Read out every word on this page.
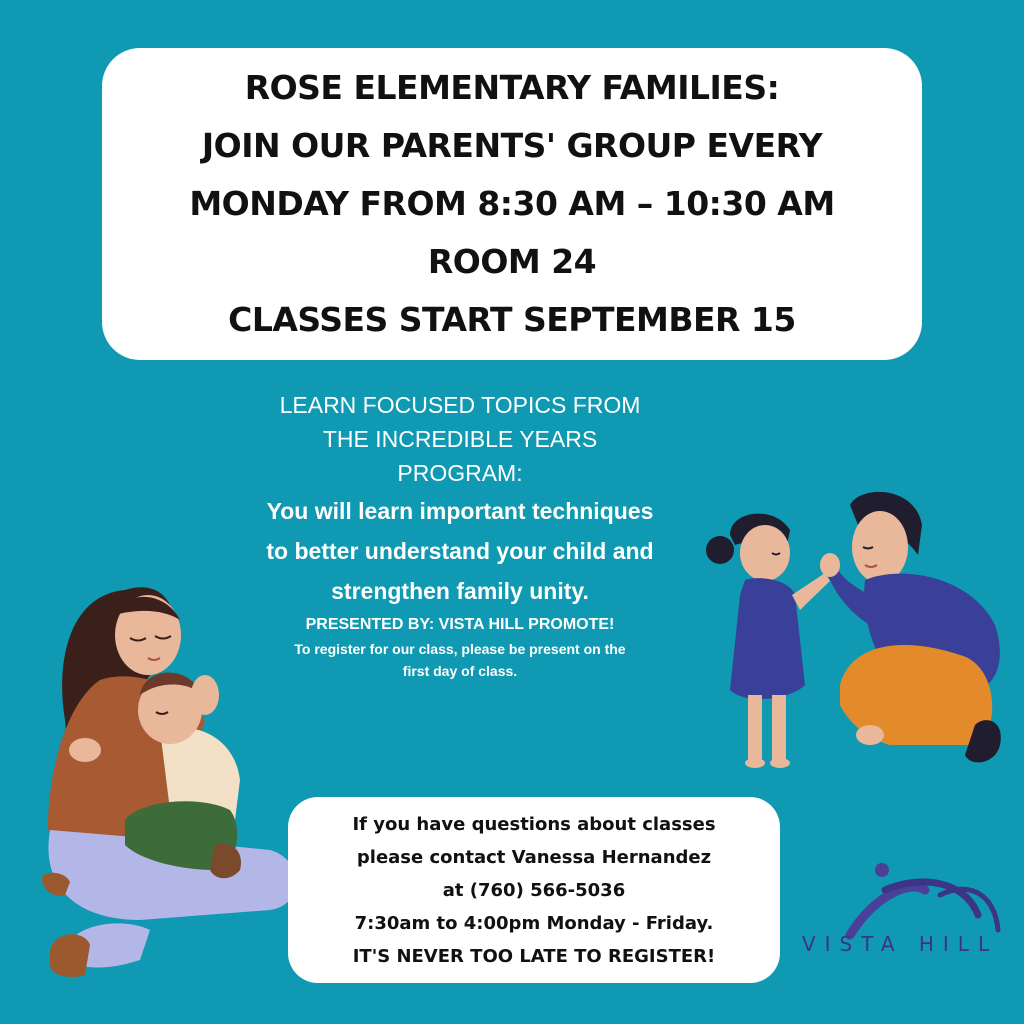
ROSE ELEMENTARY FAMILIES:
JOIN OUR PARENTS' GROUP EVERY
MONDAY FROM 8:30 AM – 10:30 AM
ROOM 24
CLASSES START SEPTEMBER 15
LEARN FOCUSED TOPICS FROM
THE INCREDIBLE YEARS
PROGRAM:
You will learn important techniques
to better understand your child and
strengthen family unity.
PRESENTED BY: VISTA HILL PROMOTE!
To register for our class, please be present on the
first day of class.
If you have questions about classes
please contact Vanessa Hernandez
at (760) 566-5036
7:30am to 4:00pm Monday - Friday.
IT'S NEVER TOO LATE TO REGISTER!	VISTA HILL
